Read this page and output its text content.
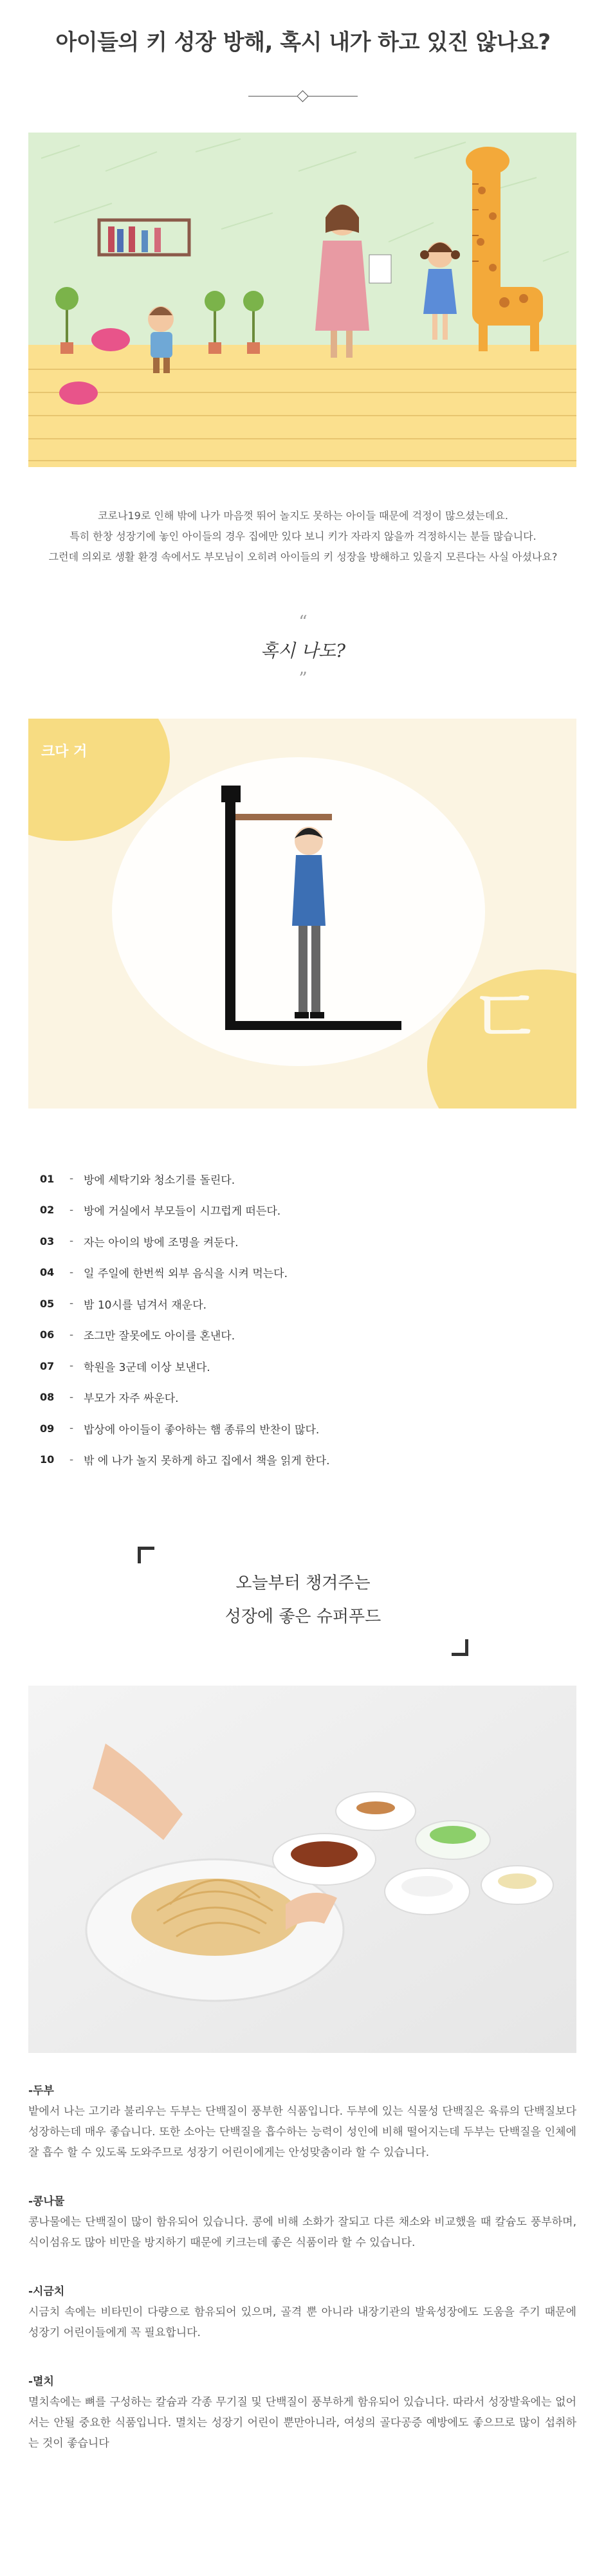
아이들의 키 성장 방해, 혹시 내가 하고 있진 않나요?

코로나19로 인해 밖에 나가 마음껏 뛰어 놀지도 못하는 아이들 때문에 걱정이 많으셨는데요.

특히 한창 성장기에 놓인 아이들의 경우 집에만 있다 보니 키가 자라지 않을까 걱정하시는 분들 많습니다.

그런데 의외로 생활 환경 속에서도 부모님이 오히려 아이들의 키 성장을 방해하고 있을지 모른다는 사실 아셨나요?

“
혹시 나도?
”
크다 거
ㄷ
01	- 방에 세탁기와 청소기를 돌린다.
02	- 방에 거실에서 부모들이 시끄럽게 떠든다.
03	- 자는 아이의 방에 조명을 켜둔다.
04	- 일 주일에 한번씩 외부 음식을 시켜 먹는다.
05	- 밤 10시를 넘겨서 재운다.
06	- 조그만 잘못에도 아이를 혼낸다.
07	- 학원을 3군데 이상 보낸다.
08	- 부모가 자주 싸운다.
09	- 밥상에 아이들이 좋아하는 햄 종류의 반찬이 많다.
10	- 밖 에 나가 놀지 못하게 하고 집에서 책을 읽게 한다.
오늘부터 챙겨주는
성장에 좋은 슈퍼푸드
-두부
밭에서 나는 고기라 불리우는 두부는 단백질이 풍부한 식품입니다. 두부에 있는 식물성 단백질은 육류의 단백질보다 성장하는데 매우 좋습니다. 또한 소아는 단백질을 흡수하는 능력이 성인에 비해 떨어지는데 두부는 단백질을 인체에 잘 흡수 할 수 있도록 도와주므로 성장기 어린이에게는 안성맞춤이라 할 수 있습니다.
-콩나물
콩나물에는 단백질이 많이 함유되어 있습니다. 콩에 비해 소화가 잘되고 다른 채소와 비교했을 때 칼슘도 풍부하며, 식이섬유도 많아 비만을 방지하기 때문에 키크는데 좋은 식품이라 할 수 있습니다.
-시금치
시금치 속에는 비타민이 다량으로 함유되어 있으며, 골격 뿐 아니라 내장기관의 발육성장에도 도움을 주기 때문에 성장기 어린이들에게 꼭 필요합니다.
-멸치
멸치속에는 뼈를 구성하는 칼슘과 각종 무기질 및 단백질이 풍부하게 함유되어 있습니다. 따라서 성장발육에는 없어서는 안될 중요한 식품입니다. 멸치는 성장기 어린이 뿐만아니라, 여성의 골다공증 예방에도 좋으므로 많이 섭취하는 것이 좋습니다
